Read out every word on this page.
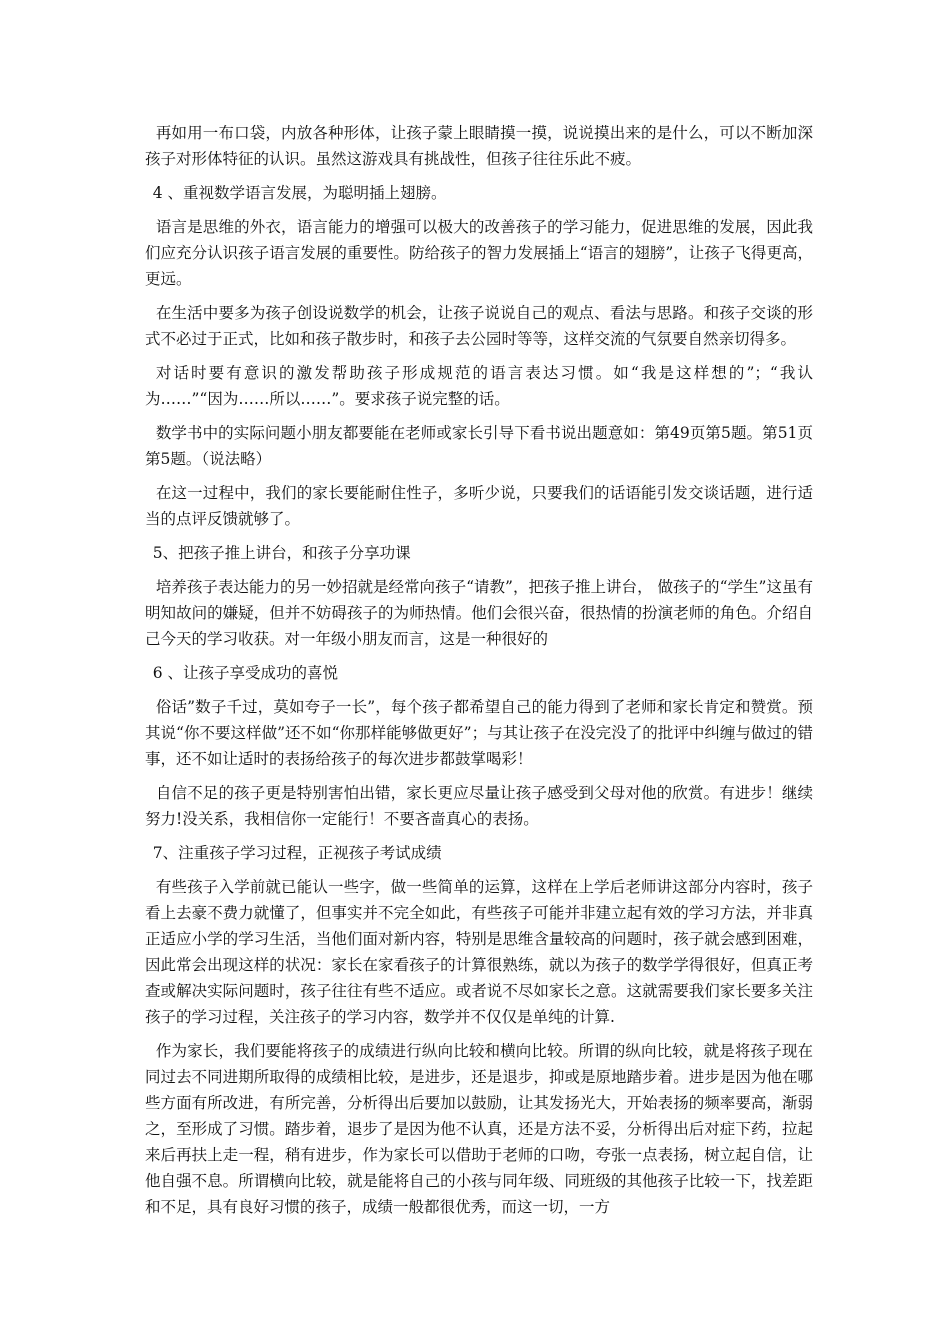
再如用一布口袋，内放各种形体，让孩子蒙上眼睛摸一摸，说说摸出来的是什么，可以不断加深孩子对形体特征的认识。虽然这游戏具有挑战性，但孩子往往乐此不疲。

4 、重视数学语言发展，为聪明插上翅膀。

语言是思维的外衣，语言能力的增强可以极大的改善孩子的学习能力，促进思维的发展，因此我们应充分认识孩子语言发展的重要性。防给孩子的智力发展插上“语言的翅膀”，让孩子飞得更高，更远。

在生活中要多为孩子创设说数学的机会，让孩子说说自己的观点、看法与思路。和孩子交谈的形式不必过于正式，比如和孩子散步时，和孩子去公园时等等，这样交流的气氛要自然亲切得多。

对话时要有意识的激发帮助孩子形成规范的语言表达习惯。如“我是这样想的”；“我认为……”“因为……所以……”。要求孩子说完整的话。

数学书中的实际问题小朋友都要能在老师或家长引导下看书说出题意如：第49页第5题。第51页第5题。（说法略）

在这一过程中，我们的家长要能耐住性子，多听少说，只要我们的话语能引发交谈话题，进行适当的点评反馈就够了。

5、把孩子推上讲台，和孩子分享功课

培养孩子表达能力的另一妙招就是经常向孩子“请教”，把孩子推上讲台， 做孩子的“学生”这虽有明知故问的嫌疑，但并不妨碍孩子的为师热情。他们会很兴奋，很热情的扮演老师的角色。介绍自己今天的学习收获。对一年级小朋友而言，这是一种很好的

6 、让孩子享受成功的喜悦

俗话”数子千过，莫如夸子一长”，每个孩子都希望自己的能力得到了老师和家长肯定和赞赏。预其说“你不要这样做”还不如“你那样能够做更好”；与其让孩子在没完没了的批评中纠缠与做过的错事，还不如让适时的表扬给孩子的每次进步都鼓掌喝彩！

自信不足的孩子更是特别害怕出错，家长更应尽量让孩子感受到父母对他的欣赏。有进步！继续努力!没关系，我相信你一定能行！不要吝啬真心的表扬。

7、注重孩子学习过程，正视孩子考试成绩

有些孩子入学前就已能认一些字，做一些简单的运算，这样在上学后老师讲这部分内容时，孩子看上去豪不费力就懂了，但事实并不完全如此，有些孩子可能并非建立起有效的学习方法，并非真正适应小学的学习生活，当他们面对新内容，特别是思维含量较高的问题时，孩子就会感到困难，因此常会出现这样的状况：家长在家看孩子的计算很熟练，就以为孩子的数学学得很好，但真正考查或解决实际问题时，孩子往往有些不适应。或者说不尽如家长之意。这就需要我们家长要多关注孩子的学习过程，关注孩子的学习内容，数学并不仅仅是单纯的计算.

作为家长，我们要能将孩子的成绩进行纵向比较和横向比较。所谓的纵向比较，就是将孩子现在同过去不同进期所取得的成绩相比较，是进步，还是退步，抑或是原地踏步着。进步是因为他在哪些方面有所改进，有所完善，分析得出后要加以鼓励，让其发扬光大，开始表扬的频率要高，渐弱之，至形成了习惯。踏步着，退步了是因为他不认真，还是方法不妥，分析得出后对症下药，拉起来后再扶上走一程，稍有进步，作为家长可以借助于老师的口吻，夸张一点表扬，树立起自信，让他自强不息。所谓横向比较，就是能将自己的小孩与同年级、同班级的其他孩子比较一下，找差距和不足，具有良好习惯的孩子，成绩一般都很优秀，而这一切，一方
